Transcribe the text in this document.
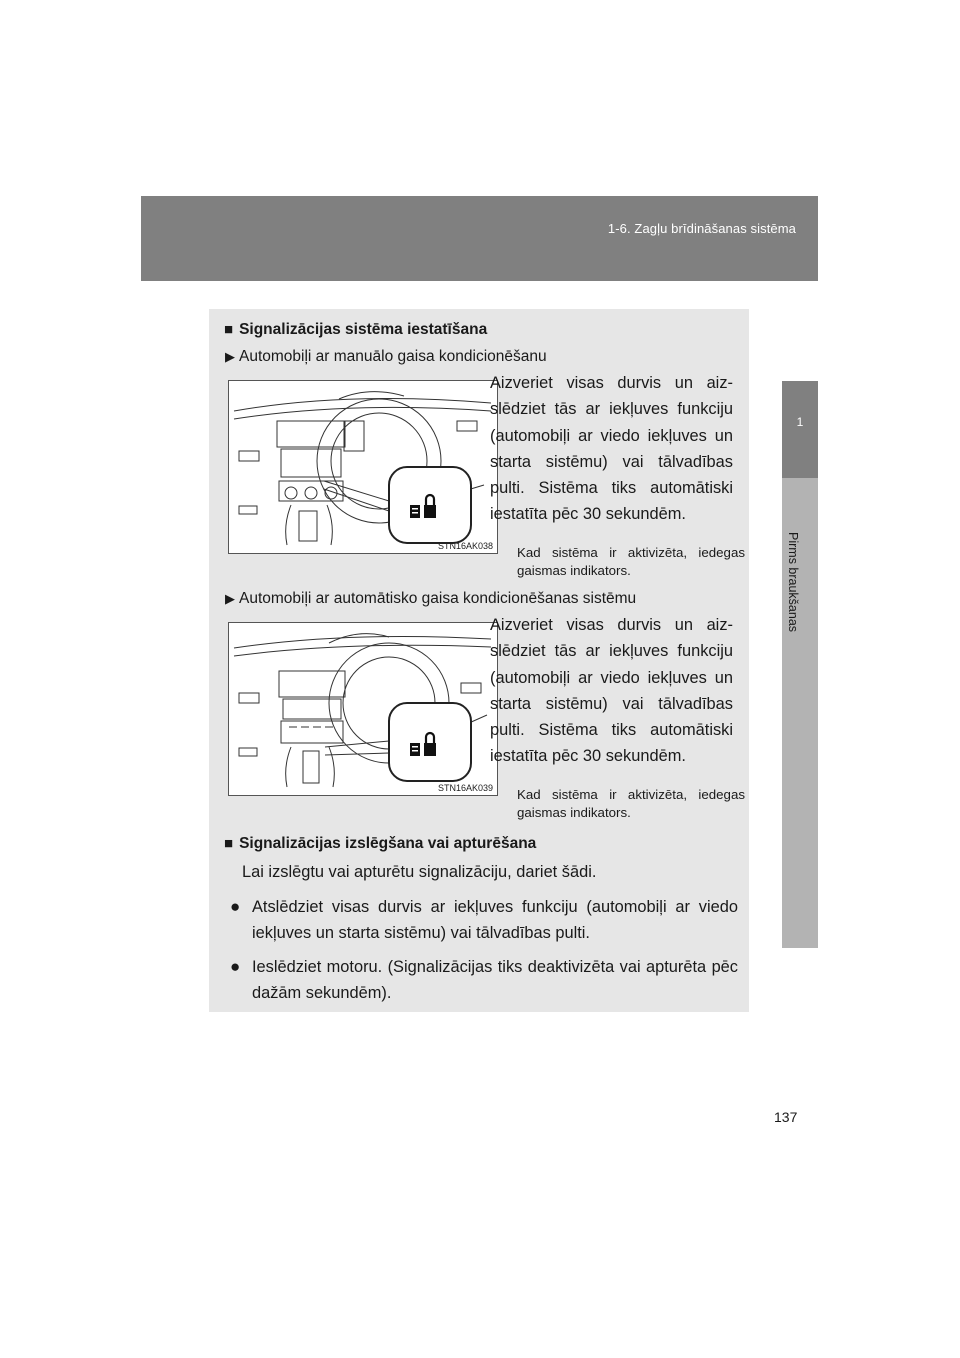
1-6. Zagļu brīdināšanas sistēma
1
Pirms braukšanas
■ Signalizācijas sistēma iestatīšana
▶ Automobiļi ar manuālo gaisa kondicionēšanu
STN16AK038
Aizveriet visas durvis un aizslēdziet tās ar iekļuves funkciju (automobiļi ar viedo iekļuves un starta sistēmu) vai tālvadības pulti. Sistēma tiks automātiski iestatīta pēc 30 sekundēm.
Kad sistēma ir aktivizēta, iedegas gaismas indikators.
▶ Automobiļi ar automātisko gaisa kondicionēšanas sistēmu
STN16AK039
Aizveriet visas durvis un aizslēdziet tās ar iekļuves funkciju (automobiļi ar viedo iekļuves un starta sistēmu) vai tālvadības pulti. Sistēma tiks automātiski iestatīta pēc 30 sekundēm.
Kad sistēma ir aktivizēta, iedegas gaismas indikators.
■ Signalizācijas izslēgšana vai apturēšana
Lai izslēgtu vai apturētu signalizāciju, dariet šādi.
● Atslēdziet visas durvis ar iekļuves funkciju (automobiļi ar viedo iekļuves un starta sistēmu) vai tālvadības pulti.
● Ieslēdziet motoru. (Signalizācijas tiks deaktivizēta vai apturēta pēc dažām sekundēm).
137
